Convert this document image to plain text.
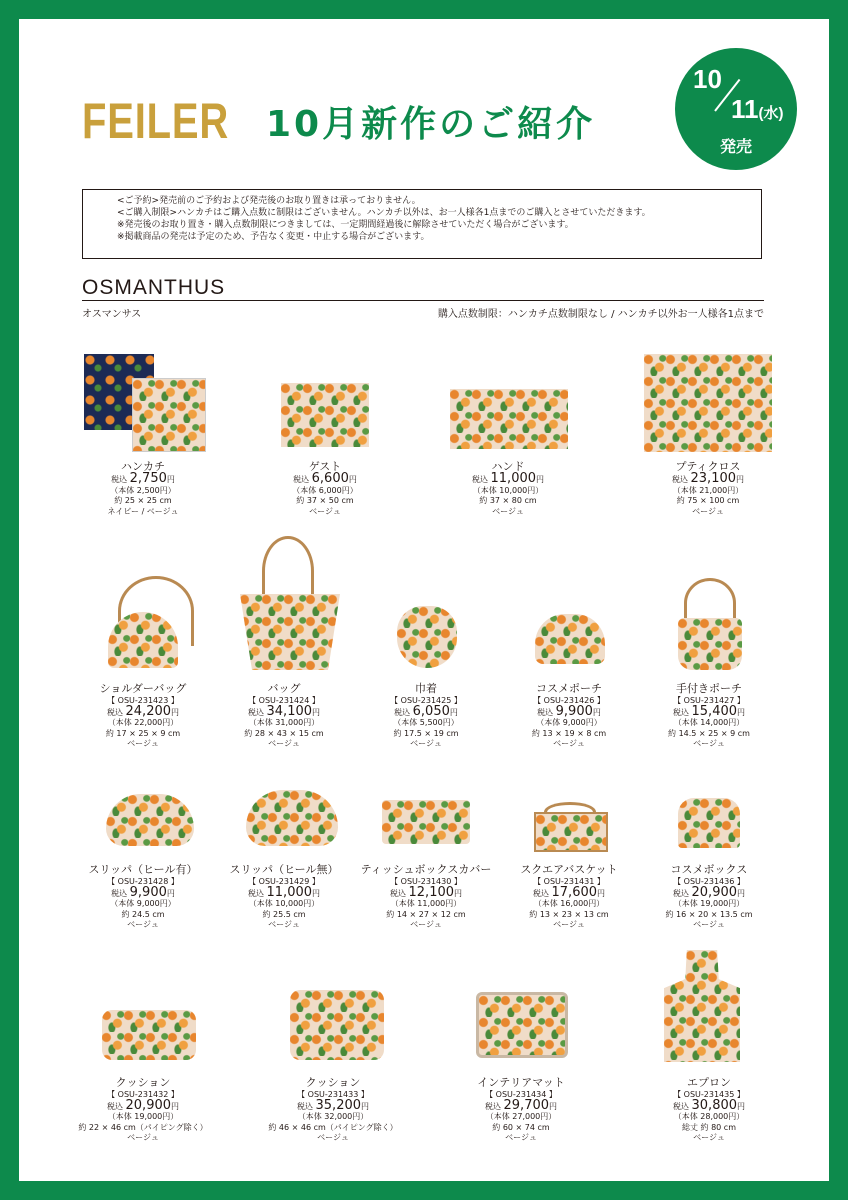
FEILER 10月新作のご紹介
10
11(水)
発売
<ご予約>発売前のご予約および発売後のお取り置きは承っておりません。
<ご購入制限>ハンカチはご購入点数に制限はございません。ハンカチ以外は、お一人様各1点までのご購入とさせていただきます。
※発売後のお取り置き・購入点数制限につきましては、一定期間経過後に解除させていただく場合がございます。
※掲載商品の発売は予定のため、予告なく変更・中止する場合がございます。
OSMANTHUS
オスマンサス	購入点数制限：ハンカチ点数制限なし / ハンカチ以外お一人様各1点まで
ハンカチ
税込 2,750円
（本体 2,500円）
約 25 × 25 cm
ネイビー / ベージュ
ゲスト
税込 6,600円
（本体 6,000円）
約 37 × 50 cm
ベージュ
ハンド
税込 11,000円
（本体 10,000円）
約 37 × 80 cm
ベージュ
プティクロス
税込 23,100円
（本体 21,000円）
約 75 × 100 cm
ベージュ
ショルダーバッグ
【 OSU-231423 】
税込 24,200円
（本体 22,000円）
約 17 × 25 × 9 cm
ベージュ
バッグ
【 OSU-231424 】
税込 34,100円
（本体 31,000円）
約 28 × 43 × 15 cm
ベージュ
巾着
【 OSU-231425 】
税込 6,050円
（本体 5,500円）
約 17.5 × 19 cm
ベージュ
コスメポーチ
【 OSU-231426 】
税込 9,900円
（本体 9,000円）
約 13 × 19 × 8 cm
ベージュ
手付きポーチ
【 OSU-231427 】
税込 15,400円
（本体 14,000円）
約 14.5 × 25 × 9 cm
ベージュ
スリッパ（ヒール有）
【 OSU-231428 】
税込 9,900円
（本体 9,000円）
約 24.5 cm
ベージュ
スリッパ（ヒール無）
【 OSU-231429 】
税込 11,000円
（本体 10,000円）
約 25.5 cm
ベージュ
ティッシュボックスカバー
【 OSU-231430 】
税込 12,100円
（本体 11,000円）
約 14 × 27 × 12 cm
ベージュ
スクエアバスケット
【 OSU-231431 】
税込 17,600円
（本体 16,000円）
約 13 × 23 × 13 cm
ベージュ
コスメボックス
【 OSU-231436 】
税込 20,900円
（本体 19,000円）
約 16 × 20 × 13.5 cm
ベージュ
クッション
【 OSU-231432 】
税込 20,900円
（本体 19,000円）
約 22 × 46 cm（パイピング除く）
ベージュ
クッション
【 OSU-231433 】
税込 35,200円
（本体 32,000円）
約 46 × 46 cm（パイピング除く）
ベージュ
インテリアマット
【 OSU-231434 】
税込 29,700円
（本体 27,000円）
約 60 × 74 cm
ベージュ
エプロン
【 OSU-231435 】
税込 30,800円
（本体 28,000円）
総丈 約 80 cm
ベージュ
